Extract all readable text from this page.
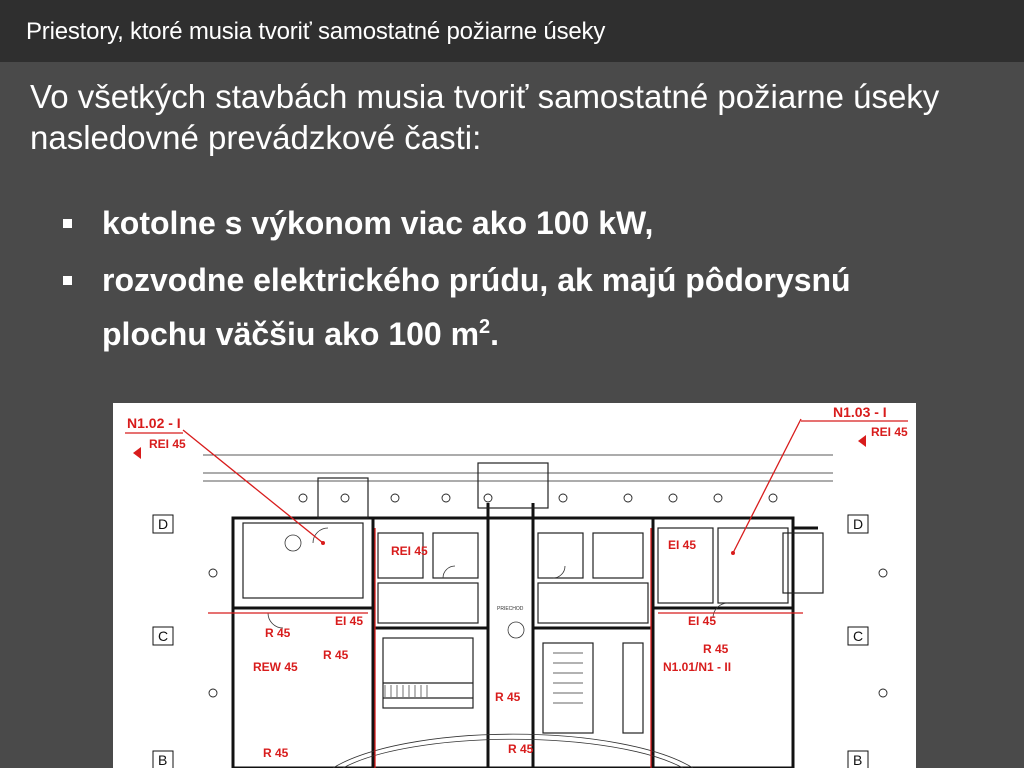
Priestory, ktoré musia tvoriť samostatné požiarne úseky
Vo všetkých stavbách musia tvoriť samostatné požiarne úseky
nasledovné prevádzkové časti:
kotolne s výkonom viac ako 100 kW,
rozvodne elektrického prúdu, ak majú pôdorysnú
plochu väčšiu ako 100 $m^2$.
D	D
C	C
B	B
N1.02 - I
REI 45
N1.03 - I
REI 45
REI 45	EI 45
EI 45	EI 45
R 45
REW 45
R 45	R 45
N1.01/N1 - II
R 45
R 45	R 45
PRIECHOD
